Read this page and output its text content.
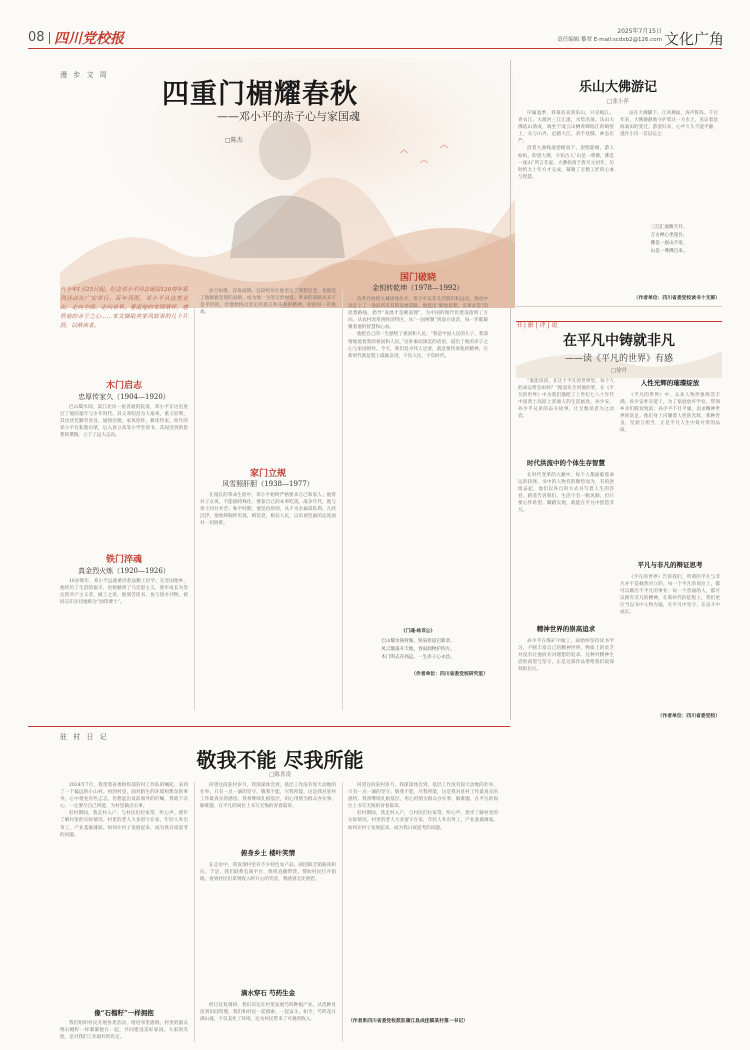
08 四川党校报	2025年7月15日
责任编辑 黎翠 E-mail:scdxb2@126.com 文化广角
四重门楣耀春秋
——邓小平的赤子心与家国魂
□陈杰
自今年1月25日起，纪念邓小平同志诞辰120周年系列活动在广安举行。百年风雨，邓小平从这里走出，走向全国、走向世界。重温他的家国情怀，感悟他的赤子之心……本文撷取其家风故事的几个片段，以飨读者。
木门启志
忠厚传家久（1904—1920）

巴山蜀水间，渠江北岸一座普通的院落，邓小平在这里度过了他的童年与少年时代。其父邓绍昌为人豪爽，重义轻利，其母淡氏勤劳善良、通情达理。家风淳朴，耕读传家。幼年的邓小平在私塾启蒙，后入县立高等小学堂读书，其间受到新思想的熏陶，立下了远大志向。

铁门淬魂
真金烈火炼（1920—1926）

16岁那年，邓小平远渡重洋赴法勤工俭学。在异国他乡，他经历了生活的艰辛，也接触到了马克思主义，逐步成长为坚定的共产主义者。做工之余，他刻苦读书，参与创办刊物，被同志们亲切地称为“油印博士”。

岁月如歌，淬炼成钢。这段经历让他坚定了理想信念，也锻造了他刚毅坚韧的品格，成为他一生的宝贵财富。革命的道路从来不是平坦的，但他始终以坚定的意志和乐观的精神，迎接每一次挑战。

家门立规
风雪照肝胆（1938—1977）

在漫长的革命生涯中，邓小平始终严格要求自己和家人。他常对子女说，不能搞特殊化，要靠自己的本事吃饭。战争年代，他与将士同甘共苦；和平时期，他坚持原则，从不为亲属谋私利。几经沉浮，他始终胸怀坦荡，相信党、相信人民，以乐观坚毅的态度面对一切困难。

国门破晓
金钥转乾坤（1978—1992）

改革开放的大幕徐徐拉开，邓小平以非凡的胆识和远见，推动中国走上了一条前所未有的发展道路。他提出“解放思想，实事求是”的思想路线，倡导“发展才是硬道理”，为中国的现代化建设指明了方向。从农村改革到经济特区，从“一国两制”到南方谈话，每一步都凝聚着他的智慧和心血。

他把自己的一生献给了祖国和人民。“我是中国人民的儿子，我深情地爱着我的祖国和人民。”这朴素而深沉的话语，道出了他的赤子之心与家国情怀。今天，我们追寻伟人足迹，就是要传承他的精神，在新时代新征程上砥砺奋进，不负人民、不负时代。

《门魂·咏邓公》
巴山蜀水铸骨肠，铁肩担道启新章。
风云激荡开天地，春雨润物护四方。
木门明志存高远，一生赤子心永昌。
（作者单位：四川省委党校研究室）
乐山大佛游记
□张小萍

序属夏季，我慕名来到乐山，只见岷江、青衣江、大渡河三江汇流，水势浩荡。乐山大佛依山凿成，端坐于凌云山栖鸾峰临江的峭壁上，头与山齐，足踏大江，双手抚膝，神态庄严。

沿着九曲栈道拾级而下，崖壁陡峭，游人如织。仰望大佛，方知古人“山是一尊佛，佛是一座山”所言非虚。大佛始凿于唐开元初年，历时约九十年方才完成，凝聚了无数工匠的心血与智慧。

站在大佛脚下，江风拂面，涛声阵阵。千百年来，大佛静静地守护着这一方水土，见证着沧海桑田的变迁。游罢归来，心中久久不能平静，遂作小诗一首以记之：

三江汇流映天开，
万古禅心坐崖台。
佛是一座山不语，
山是一尊佛自来。
（作者单位：四川省委党校读书十支部）
书 | 影 | 评 | 说
在平凡中铸就非凡
——读《平凡的世界》有感
□徐丹

“谁能说清，在这个平凡的世界里，每个人的命运将会如何？”路遥先生用他的笔，在《平凡的世界》中为我们描绘了上世纪七八十年代中国黄土高原上普通人的生活画卷。孙少安、孙少平兄弟的奋斗故事，让无数读者为之动容。

时代洪流中的个体生存智慧

在时代变革的大潮中，每个人都面临着命运的抉择。书中的人物有的顺势而为，有的逆境奋起，他们以各自的方式书写着人生的答卷。路遥告诉我们，生活不会一帆风顺，但只要心怀希望、脚踏实地，就能在平凡中创造非凡。

精神世界的崇高追求

孙少平在煤矿中做工，却始终坚持读书学习，不断丰富自己的精神世界。物质上的贫乏并没有让他放弃对理想的追求。这种对精神生活的渴望与坚守，正是这部作品带给我们最深刻的启示。

人性光辉的璀璨绽放

《平凡的世界》中，众多人物形象鲜活丰满。孙少安朴实能干，为了家庭放弃学业，带领乡亲们脱贫致富；孙少平不甘平庸，追求精神世界的富足。他们身上闪耀着人性的光辉，那种善良、坚韧与担当，正是平凡人生中最可贵的品质。

平凡与非凡的辩证思考

《平凡的世界》告诉我们，所谓的平凡与非凡并不是截然对立的。每一个平凡的岗位上，都可以做出不平凡的事业；每一个普通的人，都可以拥有非凡的精神。在新时代的征程上，我们更应当以书中人物为镜，在平凡中坚守，在奋斗中成长。

（作者单位：四川省委党校）
驻 村 日 记
敬我不能 尽我所能
□陈喜凌

2024年7月，我带着省委组织部驻村工作队的嘱托，来到了一个偏远的小山村。初到村里，面对陌生的环境和繁杂的事务，心中难免有些忐忑。但想起出发前领导的叮嘱，我暗下决心，一定要尽自己所能，为村里做点实事。

驻村期间，我走村入户，与村民们拉家常、听心声，逐步了解村里的实际情况。村里的老人大多留守在家，年轻人外出务工，产业基础薄弱。如何让村子发展起来，成为我日夜思考的问题。

像“石榴籽”一样拥抱

我们组织村民开展各类活动，增进邻里感情。村里的群众像石榴籽一样紧紧抱在一起，共同建设美好家园。大家的笑脸，是对我们工作最好的肯定。

回望这段驻村岁月，我深深体会到，基层工作没有惊天动地的壮举，只有一点一滴的坚守。敬我不能，尽我所能，这是我对驻村工作最真实的感悟。我将继续扎根基层，用心用情为群众办实事、解难题，在平凡的岗位上书写无悔的青春篇章。

俯身乡土 楼叶笑情

在走访中，我发现村里有不少特色农产品，却因缺乏销路而积压。于是，我们联系电商平台，组织直播带货，帮助村民打开销路。看到村民们拿到收入时开心的笑容，我感到无比欣慰。

滴水穿石 芍药生金

经过反复调研，我们决定在村里发展芍药种植产业。从选种育苗到田间管理，我们和村民一起摸索、一起奋斗。如今，芍药花开满山坡，不仅美化了环境，还为村民带来了可观的收入。

回望这段驻村岁月，我深深体会到，基层工作没有惊天动地的壮举，只有一点一滴的坚守。敬我不能，尽我所能，这是我对驻村工作最真实的感悟。我将继续扎根基层，用心用情为群众办实事、解难题，在平凡的岗位上书写无悔的青春篇章。

驻村期间，我走村入户，与村民们拉家常、听心声，逐步了解村里的实际情况。村里的老人大多留守在家，年轻人外出务工，产业基础薄弱。如何让村子发展起来，成为我日夜思考的问题。

（作者系四川省委党校派驻蒲江县成佳镇某村第一书记）
